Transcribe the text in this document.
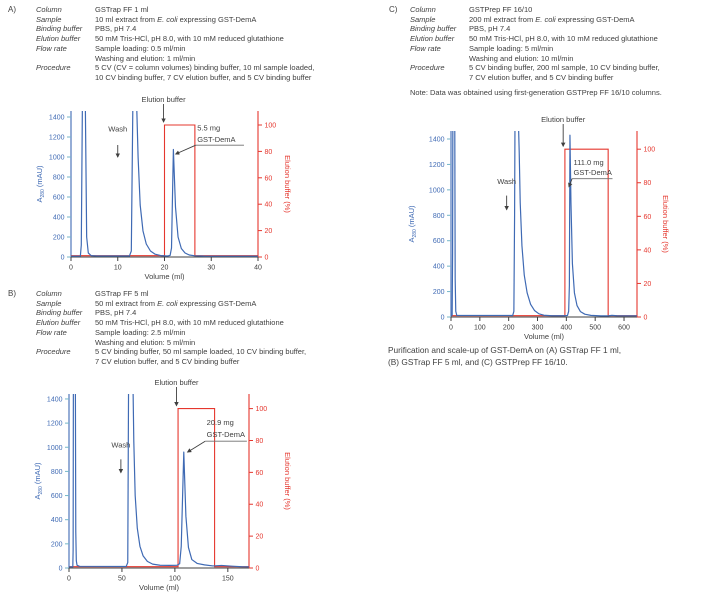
A)	Column	GSTrap FF 1 ml
Sample	10 ml extract from E. coli expressing GST-DemA
Binding buffer	PBS, pH 7.4
Elution buffer	50 mM Tris-HCl, pH 8.0, with 10 mM reduced glutathione
Flow rate	Sample loading: 0.5 ml/min
Washing and elution: 1 ml/min
Procedure	5 CV (CV = column volumes) binding buffer, 10 ml sample loaded,
10 CV binding buffer, 7 CV elution buffer, and 5 CV binding buffer
0
200
400
600
800
1000
1200
1400
0
20
40
60
80
100
0	10	20	30	40
Volume (ml)
$A_{280}$ (mAU)	Elution buffer (%)
Wash
Elution buffer
5.5 mg
GST-DemA
B)	Column	GSTrap FF 5 ml
Sample	50 ml extract from E. coli expressing GST-DemA
Binding buffer	PBS, pH 7.4
Elution buffer	50 mM Tris-HCl, pH 8.0, with 10 mM reduced glutathione
Flow rate	Sample loading: 2.5 ml/min
Washing and elution: 5 ml/min
Procedure	5 CV binding buffer, 50 ml sample loaded, 10 CV binding buffer,
7 CV elution buffer, and 5 CV binding buffer
0
200
400
600
800
1000
1200
1400
0
20
40
60
80
100
0	50	100	150
Volume (ml)
$A_{280}$ (mAU)	Elution buffer (%)
Wash
Elution buffer
20.9 mg
GST-DemA
C) Column	GSTPrep FF 16/10
Sample	200 ml extract from E. coli expressing GST-DemA
Binding buffer	PBS, pH 7.4
Elution buffer	50 mM Tris-HCl, pH 8.0, with 10 mM reduced glutathione
Flow rate	Sample loading: 5 ml/min
Washing and elution: 10 ml/min
Procedure	5 CV binding buffer, 200 ml sample, 10 CV binding buffer,
7 CV elution buffer, and 5 CV binding buffer
Note: Data was obtained using first-generation GSTPrep FF 16/10 columns.
0
200
400
600
800
1000
1200
1400
0
20
40
60
80
100
0	100 200 300 400 500 600
Volume (ml)
$A_{280}$ (mAU)	Elution buffer (%)
Wash
Elution buffer
111.0 mg
GST-DemA

Purification and scale-up of GST-DemA on (A) GSTrap FF 1 ml,
(B) GSTrap FF 5 ml, and (C) GSTPrep FF 16/10.
